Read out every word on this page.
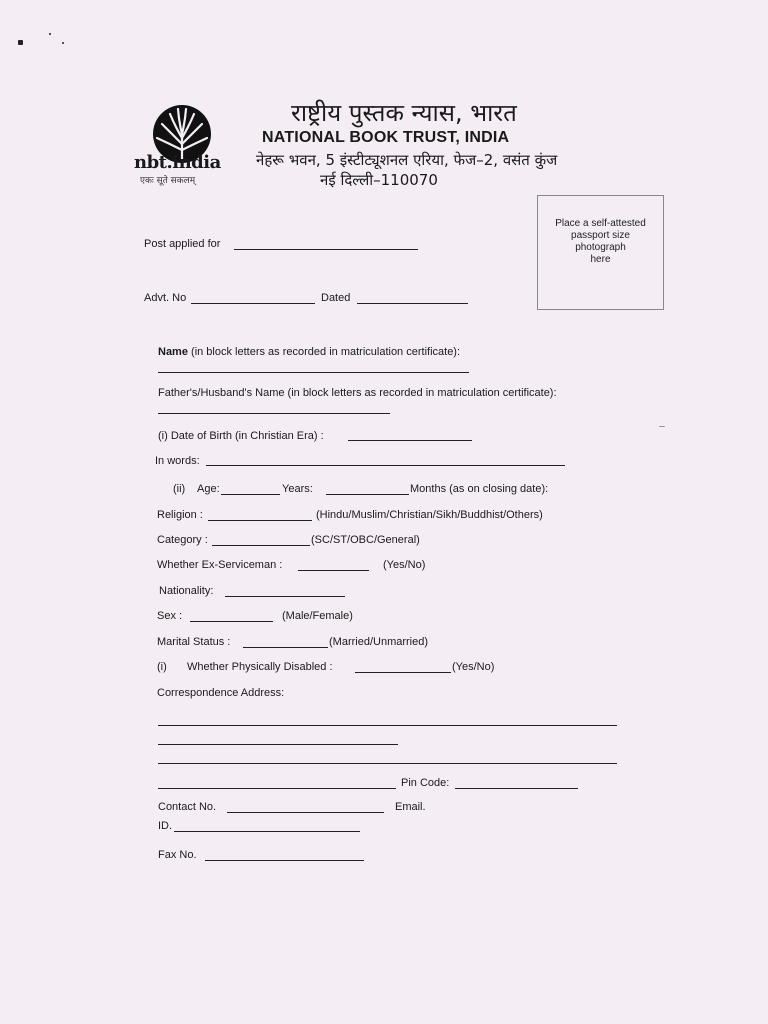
nbt.india
एकः सूते सकलम्
राष्ट्रीय पुस्तक न्यास, भारत
NATIONAL BOOK TRUST, INDIA
नेहरू भवन, 5 इंस्टीट्यूशनल एरिया, फेज–2, वसंत कुंज
नई दिल्ली–110070
Place a self-attested
passport size
photograph
here
Post applied for
Advt. No	Dated
Name (in block letters as recorded in matriculation certificate):
Father's/Husband's Name (in block letters as recorded in matriculation certificate):
(i) Date of Birth (in Christian Era) :
In words:
(ii) Age:	Years:	Months (as on closing date):
Religion :	(Hindu/Muslim/Christian/Sikh/Buddhist/Others)
Category :	(SC/ST/OBC/General)
Whether Ex-Serviceman :	(Yes/No)
Nationality:
Sex :	(Male/Female)
Marital Status :	(Married/Unmarried)
(i) Whether Physically Disabled :	(Yes/No)
Correspondence Address:
Pin Code:
Contact No.	Email.
ID.
Fax No.
